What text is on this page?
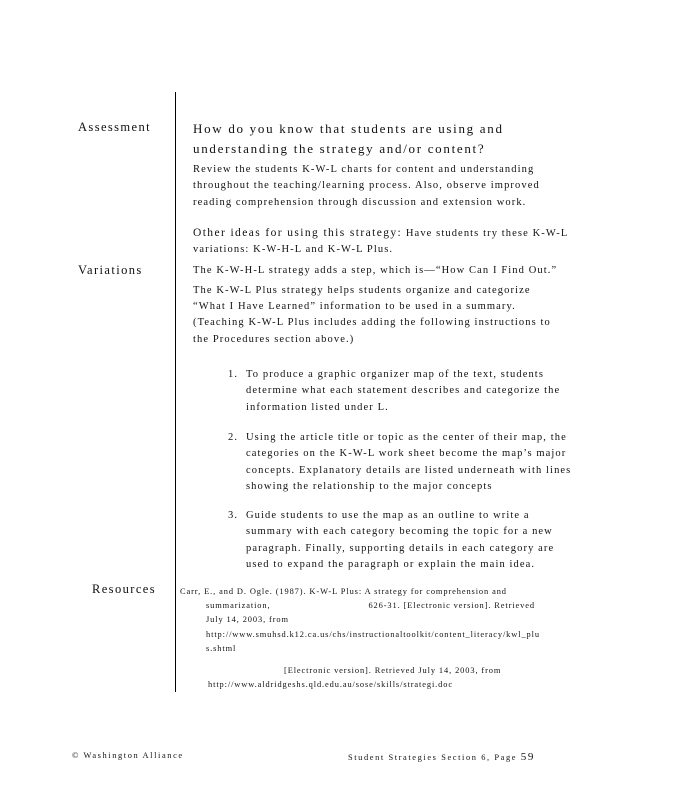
Assessment
Variations
Resources
How do you know that students are using and
understanding the strategy and/or content?

Review the students K-W-L charts for content and understanding throughout the teaching/learning process. Also, observe improved reading comprehension through discussion and extension work.

Other ideas for using this strategy: Have students try these K-W-L variations: K-W-H-L and K-W-L Plus.

The K-W-H-L strategy adds a step, which is—“How Can I Find Out.”

The K-W-L Plus strategy helps students organize and categorize “What I Have Learned” information to be used in a summary. (Teaching K-W-L Plus includes adding the following instructions to the Procedures section above.)

1. To produce a graphic organizer map of the text, students determine what each statement describes and categorize the information listed under L.
2. Using the article title or topic as the center of their map, the categories on the K-W-L work sheet become the map’s major concepts. Explanatory details are listed underneath with lines showing the relationship to the major concepts
3. Guide students to use the map as an outline to write a summary with each category becoming the topic for a new paragraph. Finally, supporting details in each category are used to expand the paragraph or explain the main idea.

Carr, E., and D. Ogle. (1987). K-W-L Plus: A strategy for comprehension and

summarization,	626-31. [Electronic version]. Retrieved

July 14, 2003, from

http://www.smuhsd.k12.ca.us/chs/instructionaltoolkit/content_literacy/kwl_plus.shtml

[Electronic version]. Retrieved July 14, 2003, from

http://www.aldridgeshs.qld.edu.au/sose/skills/strategi.doc

© Washington Alliance	Student Strategies Section 6, Page 59
